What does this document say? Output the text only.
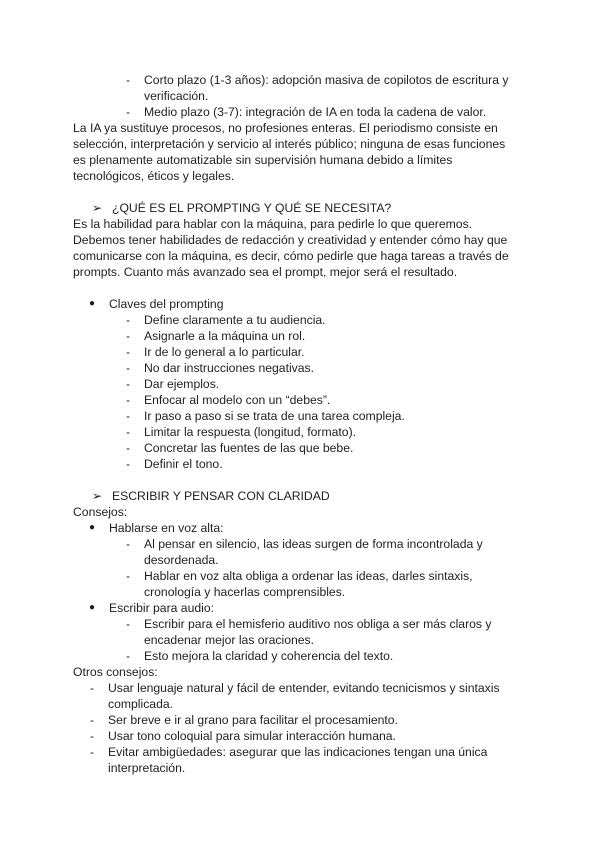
-	Corto plazo (1-3 años): adopción masiva de copilotos de escritura y verificación.
-	Medio plazo (3-7): integración de IA en toda la cadena de valor.

La IA ya sustituye procesos, no profesiones enteras. El periodismo consiste en selección, interpretación y servicio al interés público; ninguna de esas funciones es plenamente automatizable sin supervisión humana debido a límites tecnológicos, éticos y legales.

➢ ¿QUÉ ES EL PROMPTING Y QUÉ SE NECESITA?

Es la habilidad para hablar con la máquina, para pedirle lo que queremos. Debemos tener habilidades de redacción y creatividad y entender cómo hay que comunicarse con la máquina, es decir, cómo pedirle que haga tareas a través de prompts. Cuanto más avanzado sea el prompt, mejor será el resultado.

●	Claves del prompting
-	Define claramente a tu audiencia.
-	Asignarle a la máquina un rol.
-	Ir de lo general a lo particular.
-	No dar instrucciones negativas.
-	Dar ejemplos.
-	Enfocar al modelo con un “debes”.
-	Ir paso a paso si se trata de una tarea compleja.
-	Limitar la respuesta (longitud, formato).
-	Concretar las fuentes de las que bebe.
-	Definir el tono.

➢ ESCRIBIR Y PENSAR CON CLARIDAD

Consejos:

●	Hablarse en voz alta:
-	Al pensar en silencio, las ideas surgen de forma incontrolada y desordenada.
-	Hablar en voz alta obliga a ordenar las ideas, darles sintaxis, cronología y hacerlas comprensibles.
●	Escribir para audio:
-	Escribir para el hemisferio auditivo nos obliga a ser más claros y encadenar mejor las oraciones.
-	Esto mejora la claridad y coherencia del texto.

Otros consejos:

-	Usar lenguaje natural y fácil de entender, evitando tecnicismos y sintaxis complicada.
-	Ser breve e ir al grano para facilitar el procesamiento.
-	Usar tono coloquial para simular interacción humana.
-	Evitar ambigüedades: asegurar que las indicaciones tengan una única interpretación.
